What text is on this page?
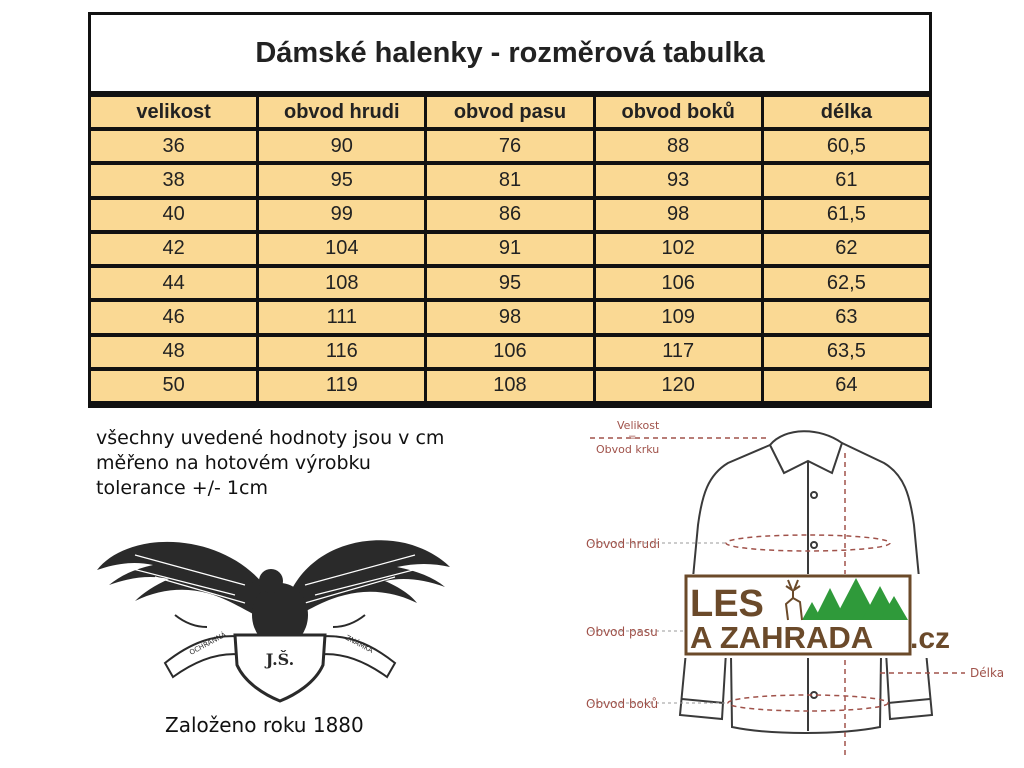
Dámské halenky - rozměrová tabulka
velikost	obvod hrudi	obvod pasu	obvod boků	délka
36	90	76	88	60,5
38	95	81	93	61
40	99	86	98	61,5
42	104	91	102	62
44	108	95	106	62,5
46	111	98	109	63
48	116	106	117	63,5
50	119	108	120	64
všechny uvedené hodnoty jsou v cm
měřeno na hotovém výrobku
tolerance +/- 1cm
OCHRANNÁ	ZNÁMKA
J.Š.
Založeno roku 1880
Velikost
=
Obvod krku
Obvod hrudi
Obvod pasu
Obvod boků
Délka
LES
A ZAHRADA .cz
